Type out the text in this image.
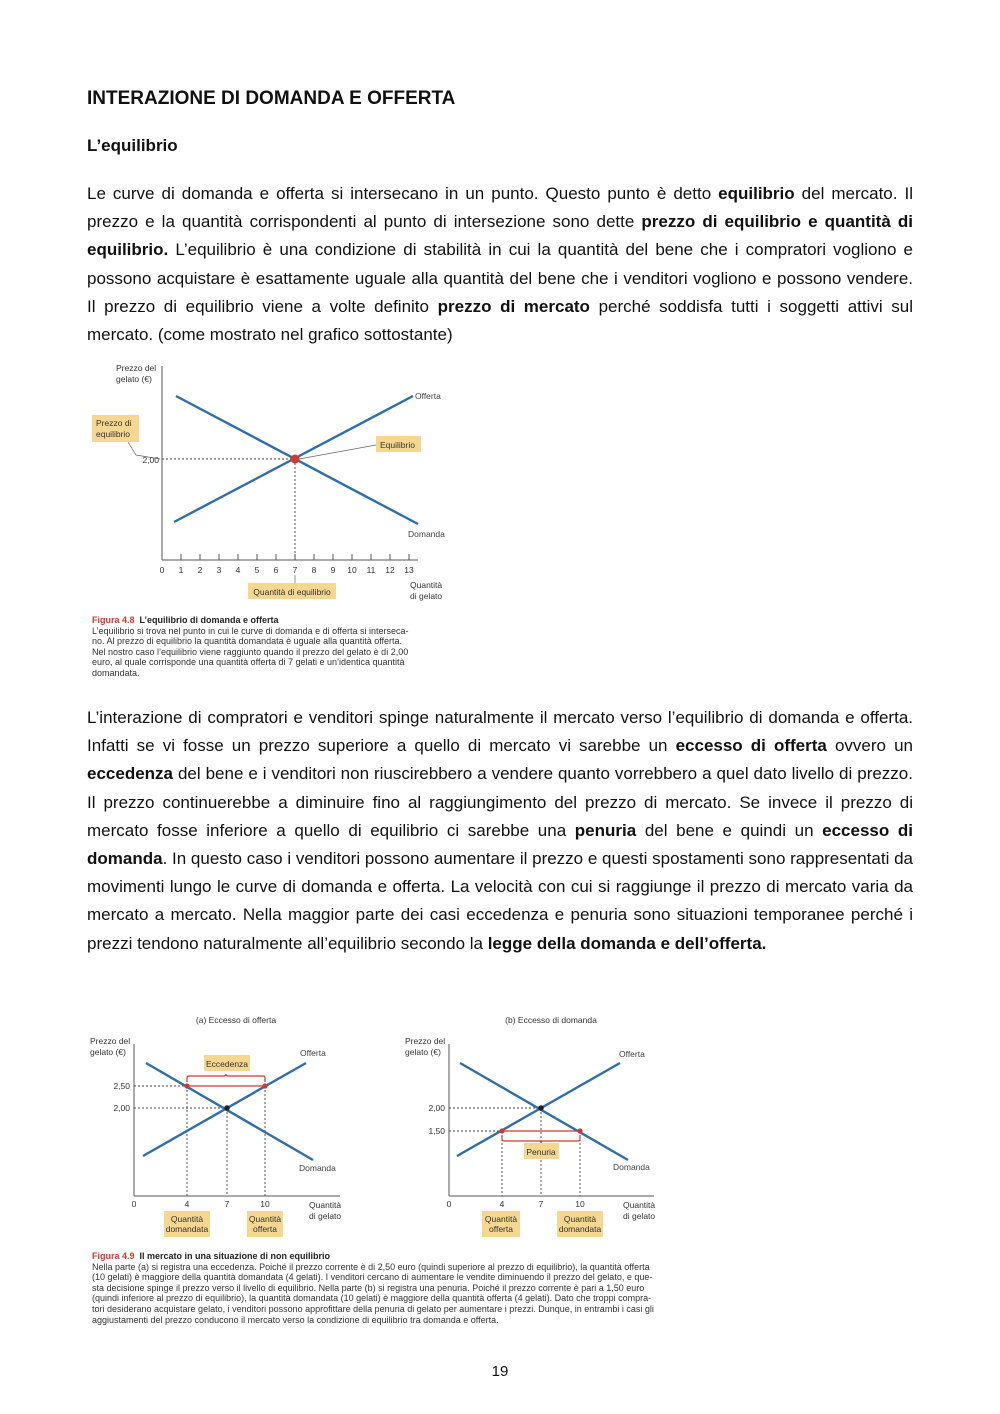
INTERAZIONE DI DOMANDA E OFFERTA
L’equilibrio
Le curve di domanda e offerta si intersecano in un punto. Questo punto è detto equilibrio del mercato. Il prezzo e la quantità corrispondenti al punto di intersezione sono dette prezzo di equilibrio e quantità di equilibrio. L’equilibrio è una condizione di stabilità in cui la quantità del bene che i compratori vogliono e possono acquistare è esattamente uguale alla quantità del bene che i venditori vogliono e possono vendere. Il prezzo di equilibrio viene a volte definito prezzo di mercato perché soddisfa tutti i soggetti attivi sul mercato. (come mostrato nel grafico sottostante)
Prezzo del
gelato (€)
Offerta
Domanda
2,00
Prezzo di
equilibrio
Equilibrio
0 1 2 3 4 5 6 7 8 9 10 11 12 13
Quantità
di gelato
Quantità di equilibrio
Figura 4.8 L’equilibrio di domanda e offerta
L’equilibrio si trova nel punto in cui le curve di domanda e di offerta si interseca-
no. Al prezzo di equilibrio la quantità domandata è uguale alla quantità offerta.
Nel nostro caso l’equilibrio viene raggiunto quando il prezzo del gelato è di 2,00
euro, al quale corrisponde una quantità offerta di 7 gelati e un’identica quantità
domandata.
L’interazione di compratori e venditori spinge naturalmente il mercato verso l’equilibrio di domanda e offerta. Infatti se vi fosse un prezzo superiore a quello di mercato vi sarebbe un eccesso di offerta ovvero un eccedenza del bene e i venditori non riuscirebbero a vendere quanto vorrebbero a quel dato livello di prezzo. Il prezzo continuerebbe a diminuire fino al raggiungimento del prezzo di mercato. Se invece il prezzo di mercato fosse inferiore a quello di equilibrio ci sarebbe una penuria del bene e quindi un eccesso di domanda. In questo caso i venditori possono aumentare il prezzo e questi spostamenti sono rappresentati da movimenti lungo le curve di domanda e offerta. La velocità con cui si raggiunge il prezzo di mercato varia da mercato a mercato. Nella maggior parte dei casi eccedenza e penuria sono situazioni temporanee perché i prezzi tendono naturalmente all’equilibrio secondo la legge della domanda e dell’offerta.
(a) Eccesso di offerta
Prezzo del
gelato (€)
Eccedenza
Offerta
Domanda
2,50
2,00
0	4	7	10	Quantità
di gelato
Quantità
domandata
Quantità
offerta
(b) Eccesso di domanda
Prezzo del
gelato (€)
Penuria
Offerta
Domanda
2,00
1,50
0	4	7	10	Quantità
di gelato
Quantità
offerta
Quantità
domandata
Figura 4.9 Il mercato in una situazione di non equilibrio
Nella parte (a) si registra una eccedenza. Poiché il prezzo corrente è di 2,50 euro (quindi superiore al prezzo di equilibrio), la quantità offerta
(10 gelati) è maggiore della quantità domandata (4 gelati). I venditori cercano di aumentare le vendite diminuendo il prezzo del gelato, e que-
sta decisione spinge il prezzo verso il livello di equilibrio. Nella parte (b) si registra una penuria. Poiché il prezzo corrente è pari a 1,50 euro
(quindi inferiore al prezzo di equilibrio), la quantità domandata (10 gelati) è maggiore della quantità offerta (4 gelati). Dato che troppi compra-
tori desiderano acquistare gelato, i venditori possono approfittare della penuria di gelato per aumentare i prezzi. Dunque, in entrambi i casi gli
aggiustamenti del prezzo conducono il mercato verso la condizione di equilibrio tra domanda e offerta.
19
